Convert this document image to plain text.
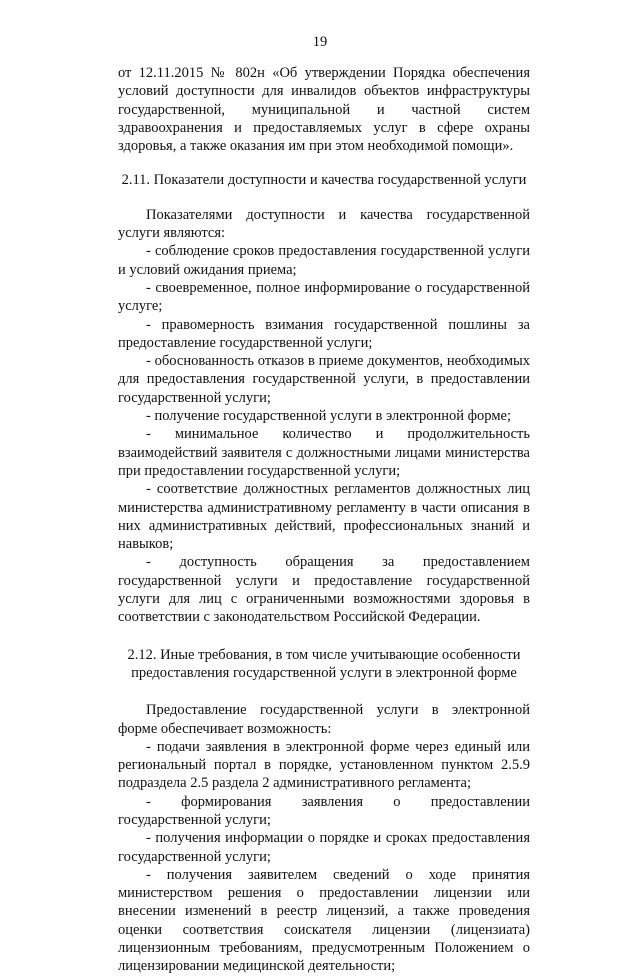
19

от 12.11.2015 № 802н «Об утверждении Порядка обеспечения условий доступности для инвалидов объектов инфраструктуры государственной, муниципальной и частной систем здравоохранения и предоставляемых услуг в сфере охраны здоровья, а также оказания им при этом необходимой помощи».

2.11. Показатели доступности и качества государственной услуги

Показателями доступности и качества государственной услуги являются:

- соблюдение сроков предоставления государственной услуги и условий ожидания приема;

- своевременное, полное информирование о государственной услуге;

- правомерность взимания государственной пошлины за предоставление государственной услуги;

- обоснованность отказов в приеме документов, необходимых для предоставления государственной услуги, в предоставлении государственной услуги;

- получение государственной услуги в электронной форме;

- минимальное количество и продолжительность взаимодействий заявителя с должностными лицами министерства при предоставлении государственной услуги;

- соответствие должностных регламентов должностных лиц министерства административному регламенту в части описания в них административных действий, профессиональных знаний и навыков;

- доступность обращения за предоставлением государственной услуги и предоставление государственной услуги для лиц с ограниченными возможностями здоровья в соответствии с законодательством Российской Федерации.

2.12. Иные требования, в том числе учитывающие особенности предоставления государственной услуги в электронной форме

Предоставление государственной услуги в электронной форме обеспечивает возможность:

- подачи заявления в электронной форме через единый или региональный портал в порядке, установленном пунктом 2.5.9 подраздела 2.5 раздела 2 административного регламента;

- формирования заявления о предоставлении государственной услуги;

- получения информации о порядке и сроках предоставления государственной услуги;

- получения заявителем сведений о ходе принятия министерством решения о предоставлении лицензии или внесении изменений в реестр лицензий, а также проведения оценки соответствия соискателя лицензии (лицензиата) лицензионным требованиям, предусмотренным Положением о лицензировании медицинской деятельности;
